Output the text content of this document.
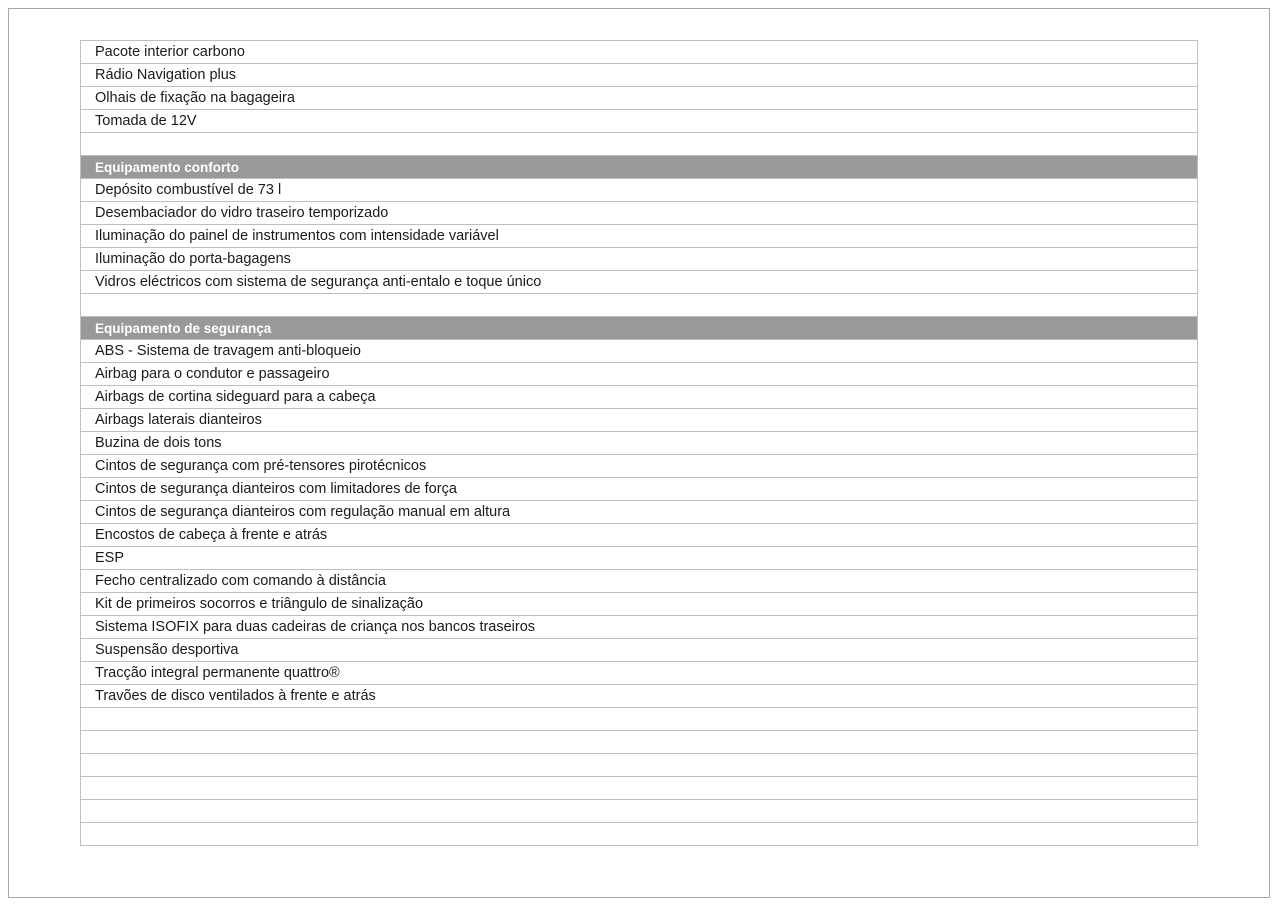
Pacote interior carbono
Rádio Navigation plus
Olhais de fixação na bagageira
Tomada de 12V
Equipamento conforto
Depósito combustível de 73 l
Desembaciador do vidro traseiro temporizado
Iluminação do painel de instrumentos com intensidade variável
Iluminação do porta-bagagens
Vidros eléctricos com sistema de segurança anti-entalo e toque único
Equipamento de segurança
ABS - Sistema de travagem anti-bloqueio
Airbag para o condutor e passageiro
Airbags de cortina sideguard para a cabeça
Airbags laterais dianteiros
Buzina de dois tons
Cintos de segurança com pré-tensores pirotécnicos
Cintos de segurança dianteiros com limitadores de força
Cintos de segurança dianteiros com regulação manual em altura
Encostos de cabeça à frente e atrás
ESP
Fecho centralizado com comando à distância
Kit de primeiros socorros e triângulo de sinalização
Sistema ISOFIX para duas cadeiras de criança nos bancos traseiros
Suspensão desportiva
Tracção integral permanente quattro®
Travões de disco ventilados à frente e atrás
